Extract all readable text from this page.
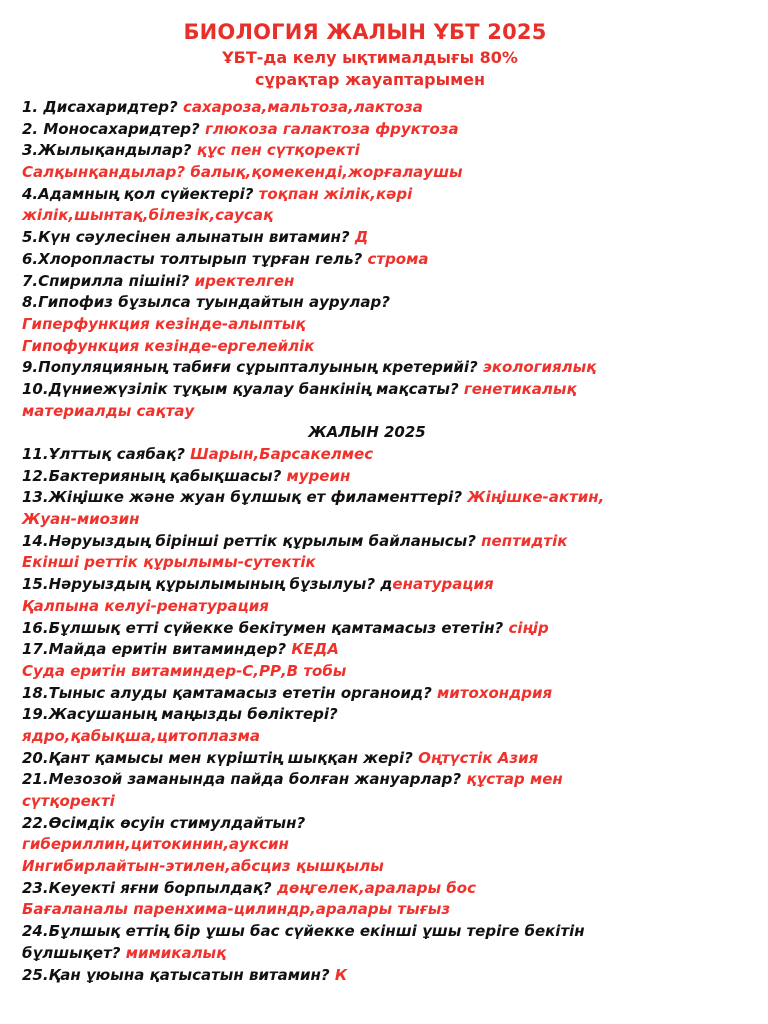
БИОЛОГИЯ ЖАЛЫН ҰБТ 2025
ҰБТ-да келу ықтималдығы 80%
сұрақтар жауаптарымен
1. Дисахаридтер? сахароза,мальтоза,лактоза
2. Моносахаридтер? глюкоза галактоза фруктоза
3.Жылықандылар? құс пен сүтқоректі
Салқынқандылар? балық,қомекенді,жорғалаушы
4.Адамның қол сүйектері? тоқпан жілік,кәрі
жілік,шынтақ,білезік,саусақ
5.Күн сәулесінен алынатын витамин? Д
6.Хлоропласты толтырып тұрған гель? строма
7.Спирилла пішіні? иректелген
8.Гипофиз бұзылса туындайтын аурулар?
Гиперфункция кезінде-алыптық
Гипофункция кезінде-ергелейлік
9.Популяцияның табиғи сұрыпталуының кретерийі? экологиялық
10.Дүниежүзілік тұқым қуалау банкінің мақсаты? генетикалық
материалды сақтау
ЖАЛЫН 2025
11.Ұлттық саябақ? Шарын,Барсакелмес
12.Бактерияның қабықшасы? муреин
13.Жіңішке және жуан бұлшық ет филаменттері? Жіңішке-актин,
Жуан-миозин
14.Нәруыздың бірінші реттік құрылым байланысы? пептидтік
Екінші реттік құрылымы-сутектік
15.Нәруыздың құрылымының бұзылуы? денатурация
Қалпына келуі-ренатурация
16.Бұлшық етті сүйекке бекітумен қамтамасыз ететін? сіңір
17.Майда еритін витаминдер? КЕДА
Суда еритін витаминдер-С,РР,В тобы
18.Тыныс алуды қамтамасыз ететін органоид? митохондрия
19.Жасушаның маңызды бөліктері?
ядро,қабықша,цитоплазма
20.Қант қамысы мен күріштің шыққан жері? Оңтүстік Азия
21.Мезозой заманында пайда болған жануарлар? құстар мен
сүтқоректі
22.Өсімдік өсуін стимулдайтын?
гибериллин,цитокинин,ауксин
Ингибирлайтын-этилен,абсциз қышқылы
23.Кеуекті яғни борпылдақ? дөңгелек,аралары бос
Бағаланалы паренхима-цилиндр,аралары тығыз
24.Бұлшық еттің бір ұшы бас сүйекке екінші ұшы теріге бекітін
бұлшықет? мимикалық
25.Қан ұюына қатысатын витамин? К
